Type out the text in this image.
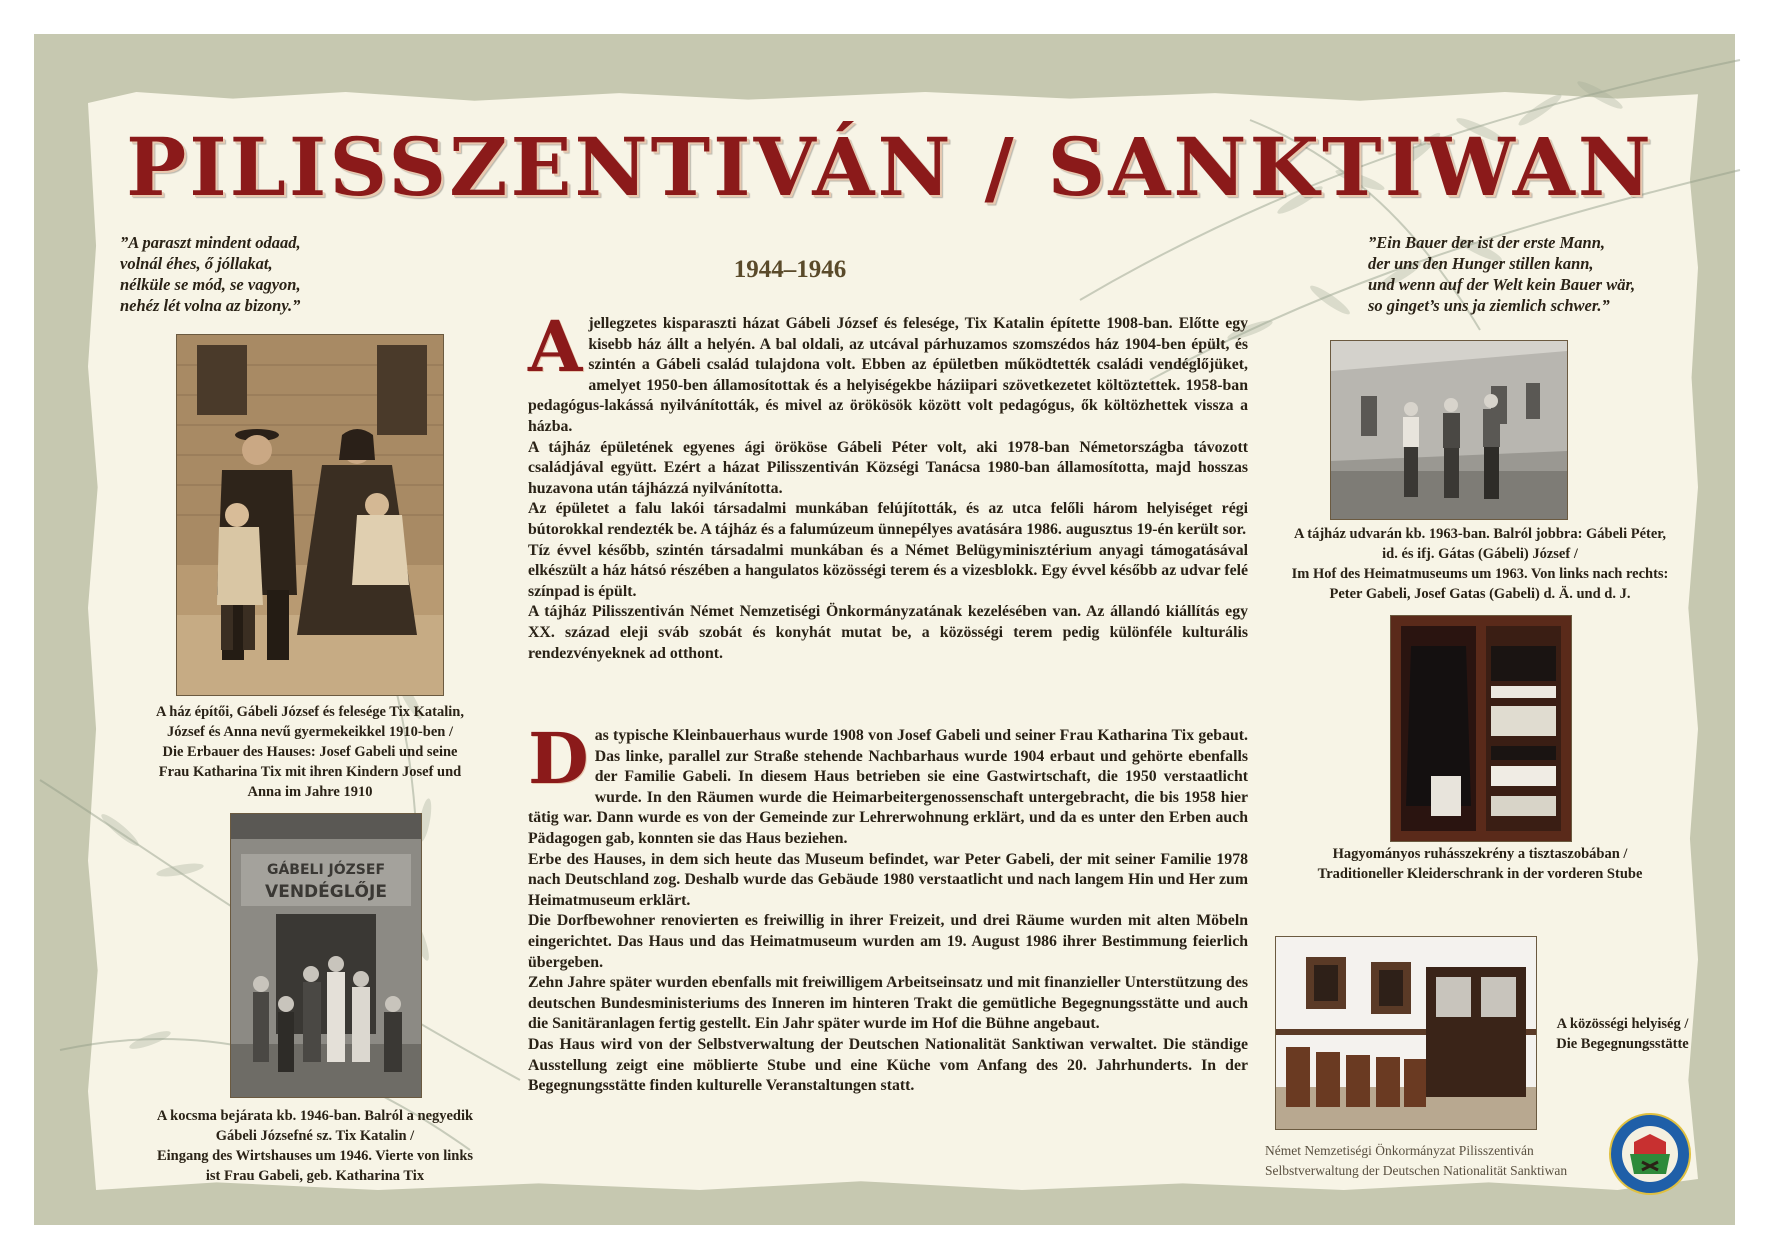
PILISSZENTIVÁN / SANKTIWAN
1944–1946
”A paraszt mindent odaad,
volnál éhes, ő jóllakat,
nélküle se mód, se vagyon,
nehéz lét volna az bizony.”
”Ein Bauer der ist der erste Mann,
der uns den Hunger stillen kann,
und wenn auf der Welt kein Bauer wär,
so ginget’s uns ja ziemlich schwer.”
A ház építői, Gábeli József és felesége Tix Katalin,
József és Anna nevű gyermekeikkel 1910-ben /
Die Erbauer des Hauses: Josef Gabeli und seine
Frau Katharina Tix mit ihren Kindern Josef und
Anna im Jahre 1910
GÁBELI JÓZSEF
VENDÉGLŐJE
A kocsma bejárata kb. 1946-ban. Balról a negyedik
Gábeli Józsefné sz. Tix Katalin /
Eingang des Wirtshauses um 1946. Vierte von links
ist Frau Gabeli, geb. Katharina Tix
A tájház udvarán kb. 1963-ban. Balról jobbra: Gábeli Péter,
id. és ifj. Gátas (Gábeli) József /
Im Hof des Heimatmuseums um 1963. Von links nach rechts:
Peter Gabeli, Josef Gatas (Gabeli) d. Ä. und d. J.
Hagyományos ruhásszekrény a tisztaszobában /
Traditioneller Kleiderschrank in der vorderen Stube
A közösségi helyiség /
Die Begegnungsstätte
A jellegzetes kisparaszti házat Gábeli József és felesége, Tix Katalin építette 1908-ban. Előtte egy kisebb ház állt a helyén. A bal oldali, az utcával párhuzamos szomszédos ház 1904-ben épült, és szintén a Gábeli család tulajdona volt. Ebben az épületben működtették családi vendéglőjüket, amelyet 1950-ben államosítottak és a helyiségekbe háziipari szövetkezetet költöztettek. 1958-ban pedagógus-lakássá nyilvánították, és mivel az örökösök között volt pedagógus, ők költözhettek vissza a házba.

A tájház épületének egyenes ági örököse Gábeli Péter volt, aki 1978-ban Németországba távozott családjával együtt. Ezért a házat Pilisszentiván Községi Tanácsa 1980-ban államosította, majd hosszas huzavona után tájházzá nyilvánította.

Az épületet a falu lakói társadalmi munkában felújították, és az utca felőli három helyiséget régi bútorokkal rendezték be. A tájház és a falumúzeum ünnepélyes avatására 1986. augusztus 19-én került sor.

Tíz évvel később, szintén társadalmi munkában és a Német Belügyminisztérium anyagi támogatásával elkészült a ház hátsó részében a hangulatos közösségi terem és a vizesblokk. Egy évvel később az udvar felé színpad is épült.

A tájház Pilisszentiván Német Nemzetiségi Önkormányzatának kezelésében van. Az állandó kiállítás egy XX. század eleji sváb szobát és konyhát mutat be, a közösségi terem pedig különféle kulturális rendezvényeknek ad otthont.

D as typische Kleinbauerhaus wurde 1908 von Josef Gabeli und seiner Frau Katharina Tix gebaut. Das linke, parallel zur Straße stehende Nachbarhaus wurde 1904 erbaut und gehörte ebenfalls der Familie Gabeli. In diesem Haus betrieben sie eine Gastwirtschaft, die 1950 verstaatlicht wurde. In den Räumen wurde die Heimarbeitergenossenschaft untergebracht, die bis 1958 hier tätig war. Dann wurde es von der Gemeinde zur Lehrerwohnung erklärt, und da es unter den Erben auch Pädagogen gab, konnten sie das Haus beziehen.

Erbe des Hauses, in dem sich heute das Museum befindet, war Peter Gabeli, der mit seiner Familie 1978 nach Deutschland zog. Deshalb wurde das Gebäude 1980 verstaatlicht und nach langem Hin und Her zum Heimatmuseum erklärt.

Die Dorfbewohner renovierten es freiwillig in ihrer Freizeit, und drei Räume wurden mit alten Möbeln eingerichtet. Das Haus und das Heimatmuseum wurden am 19. August 1986 ihrer Bestimmung feierlich übergeben.

Zehn Jahre später wurden ebenfalls mit freiwilligem Arbeitseinsatz und mit finanzieller Unterstützung des deutschen Bundesministeriums des Inneren im hinteren Trakt die gemütliche Begegnungsstätte und auch die Sanitäranlagen fertig gestellt. Ein Jahr später wurde im Hof die Bühne angebaut.

Das Haus wird von der Selbstverwaltung der Deutschen Nationalität Sanktiwan verwaltet. Die ständige Ausstellung zeigt eine möblierte Stube und eine Küche vom Anfang des 20. Jahrhunderts. In der Begegnungsstätte finden kulturelle Veranstaltungen statt.

Német Nemzetiségi Önkormányzat Pilisszentiván
Selbstverwaltung der Deutschen Nationalität Sanktiwan
